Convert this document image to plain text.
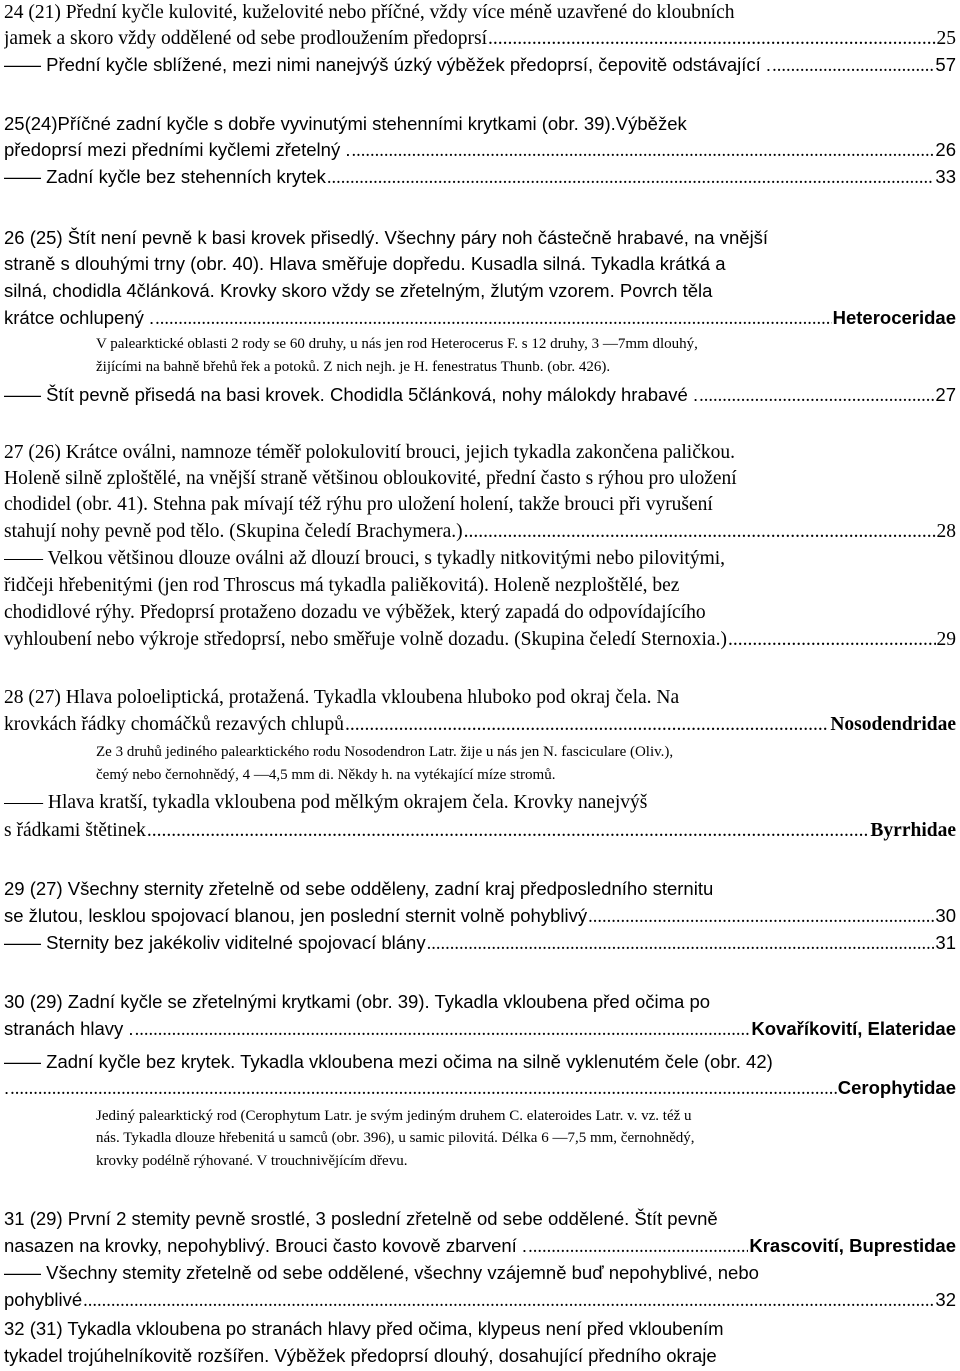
24 (21) Přední kyčle kulovité, kuželovité nebo příčné, vždy více méně uzavřené do kloubních
jamek a skoro vždy oddělené od sebe prodloužením předoprsí .....	25
—— Přední kyčle sblížené, mezi nimi nanejvýš úzký výběžek předoprsí, čepovitě odstávající . .....	57
25(24)Příčné zadní kyčle s dobře vyvinutými stehenními krytkami (obr. 39).Výběžek
předoprsí mezi předními kyčlemi zřetelný . .....	26
—— Zadní kyčle bez stehenních krytek .....	33
26 (25) Štít není pevně k basi krovek přisedlý. Všechny páry noh částečně hrabavé, na vnější
straně s dlouhými trny (obr. 40). Hlava směřuje dopředu. Kusadla silná. Tykadla krátká a
silná, chodidla 4článková. Krovky skoro vždy se zřetelným, žlutým vzorem. Povrch těla
krátce ochlupený . .....	Heteroceridae
V palearktické oblasti 2 rody se 60 druhy, u nás jen rod Heterocerus F. s 12 druhy, 3 —7mm dlouhý,
žijícími na bahně břehů řek a potoků. Z nich nejh. je H. fenestratus Thunb. (obr. 426).
—— Štít pevně přisedá na basi krovek. Chodidla 5článková, nohy málokdy hrabavé . .....	27
27 (26) Krátce oválni, namnoze téměř polokulovití brouci, jejich tykadla zakončena paličkou.
Holeně silně zploštělé, na vnější straně většinou obloukovité, přední často s rýhou pro uložení
chodidel (obr. 41). Stehna pak mívají též rýhu pro uložení holení, takže brouci při vyrušení
stahují nohy pevně pod tělo. (Skupina čeledí Brachymera.) .....	28
—— Velkou většinou dlouze oválni až dlouzí brouci, s tykadly nitkovitými nebo pilovitými,
řidčeji hřebenitými (jen rod Throscus má tykadla paliěkovitá). Holeně nezploštělé, bez
chodidlové rýhy. Předoprsí protaženo dozadu ve výběžek, který zapadá do odpovídajícího
vyhloubení nebo výkroje středoprsí, nebo směřuje volně dozadu. (Skupina čeledí Sternoxia.) .....	29
28 (27) Hlava poloeliptická, protažená. Tykadla vkloubena hluboko pod okraj čela. Na
krovkách řádky chomáčků rezavých chlupů .....	Nosodendridae
Ze 3 druhů jediného palearktického rodu Nosodendron Latr. žije u nás jen N. fasciculare (Oliv.),
čemý nebo černohnědý, 4 —4,5 mm di. Někdy h. na vytékající míze stromů.
—— Hlava kratší, tykadla vkloubena pod mělkým okrajem čela. Krovky nanejvýš
s řádkami štětinek .....	Byrrhidae
29 (27) Všechny sternity zřetelně od sebe odděleny, zadní kraj předposledního sternitu
se žlutou, lesklou spojovací blanou, jen poslední sternit volně pohyblivý .....	30
—— Sternity bez jakékoliv viditelné spojovací blány .....	31
30 (29) Zadní kyčle se zřetelnými krytkami (obr. 39). Tykadla vkloubena před očima po
stranách hlavy . .....	Kovaříkovití, Elateridae
—— Zadní kyčle bez krytek. Tykadla vkloubena mezi očima na silně vyklenutém čele (obr. 42)
. .....	Cerophytidae
Jediný palearktický rod (Cerophytum Latr. je svým jediným druhem C. elateroides Latr. v. vz. též u
nás. Tykadla dlouze hřebenitá u samců (obr. 396), u samic pilovitá. Délka 6 —7,5 mm, černohnědý,
krovky podélně rýhované. V trouchnivějícím dřevu.
31 (29) První 2 stemity pevně srostlé, 3 poslední zřetelně od sebe oddělené. Štít pevně
nasazen na krovky, nepohyblivý. Brouci často kovově zbarvení . .....	Krascovití, Buprestidae
—— Všechny stemity zřetelně od sebe oddělené, všechny vzájemně buď nepohyblivé, nebo
pohyblivé .....	32
32 (31) Tykadla vkloubena po stranách hlavy před očima, klypeus není před vkloubením
tykadel trojúhelníkovitě rozšířen. Výběžek předoprsí dlouhý, dosahující předního okraje
